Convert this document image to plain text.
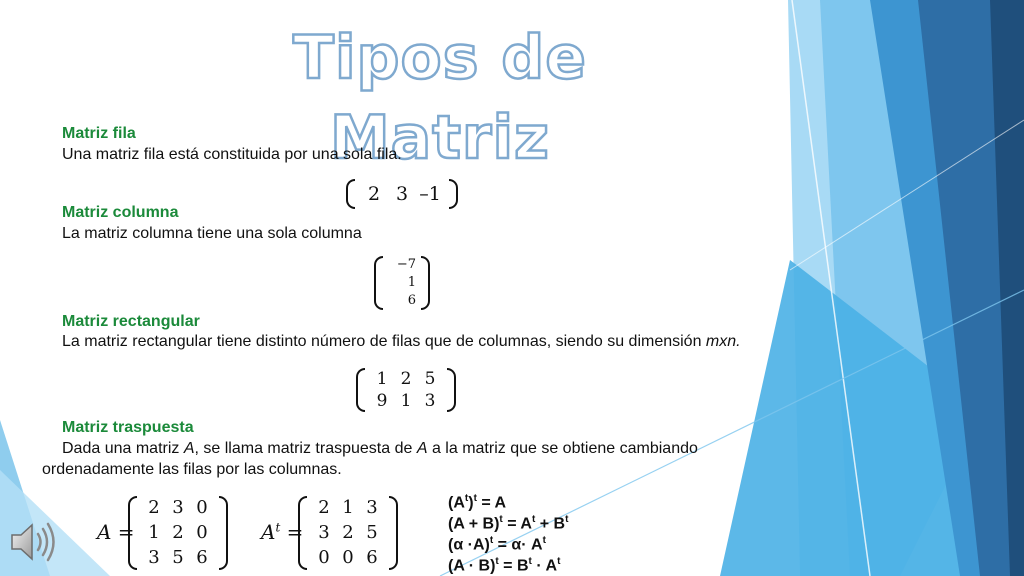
Tipos de Matriz
Matriz fila
Una matriz fila está constituida por una sola fila.
2 3 –1
Matriz columna
La matriz columna tiene una sola columna
−7
1
6
Matriz rectangular
La matriz rectangular tiene distinto número de filas que de columnas, siendo su dimensión mxn.
1 2 5
9 1 3
Matriz traspuesta
Dada una matriz A, se llama matriz traspuesta de A a la matriz que se obtiene cambiando
ordenadamente las filas por las columnas.
A =
2 3 0
1 2 0
3 5 6
$A^t$ =
2 1 3
3 2 5
0 0 6
$(A^t)^t = A$
$(A + B)^t = A^t + B^t$
$(\alpha \cdot A)^t = \alpha\cdot A^t$
$(A \cdot B)^t = B^t \cdot A^t$
